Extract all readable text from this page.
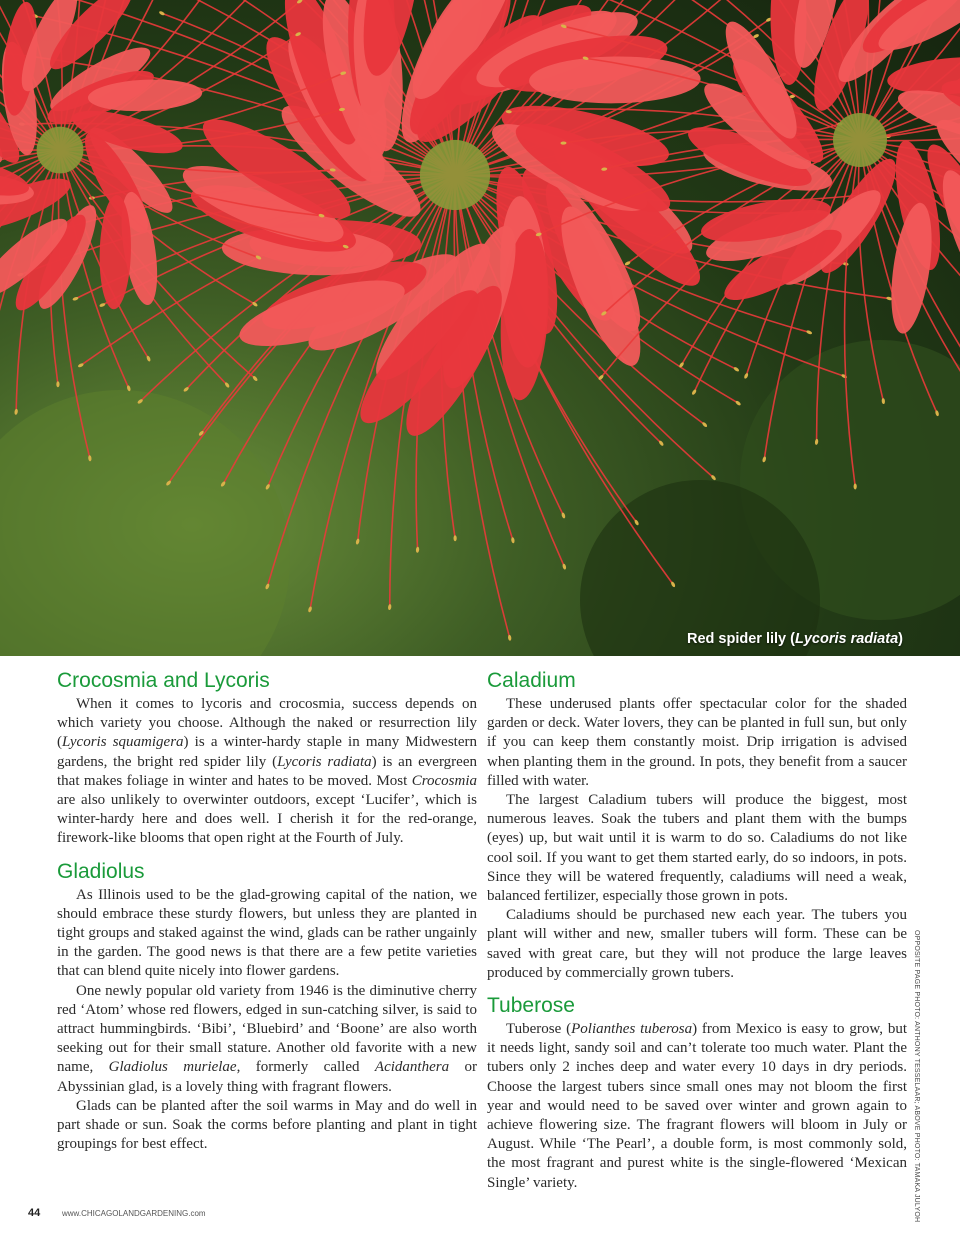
Red spider lily (Lycoris radiata)
Crocosmia and Lycoris

When it comes to lycoris and crocosmia, success depends on which variety you choose. Although the naked or resurrection lily (Lycoris squamigera) is a winter-hardy staple in many Midwestern gardens, the bright red spider lily (Lycoris radiata) is an evergreen that makes foliage in winter and hates to be moved. Most Crocosmia are also unlikely to overwinter outdoors, except ‘Lucifer’, which is winter-hardy here and does well. I cherish it for the red-orange, firework-like blooms that open right at the Fourth of July.

Gladiolus

As Illinois used to be the glad-growing capital of the nation, we should embrace these sturdy flowers, but unless they are planted in tight groups and staked against the wind, glads can be rather ungainly in the garden. The good news is that there are a few petite varieties that can blend quite nicely into flower gardens.

One newly popular old variety from 1946 is the diminutive cherry red ‘Atom’ whose red flowers, edged in sun-catching silver, is said to attract hummingbirds. ‘Bibi’, ‘Bluebird’ and ‘Boone’ are also worth seeking out for their small stature. Another old favorite with a new name, Gladiolus murielae, formerly called Acidanthera or Abyssinian glad, is a lovely thing with fragrant flowers.

Glads can be planted after the soil warms in May and do well in part shade or sun. Soak the corms before planting and plant in tight groupings for best effect.

Caladium

These underused plants offer spectacular color for the shaded garden or deck. Water lovers, they can be planted in full sun, but only if you can keep them constantly moist. Drip irrigation is advised when planting them in the ground. In pots, they benefit from a saucer filled with water.

The largest Caladium tubers will produce the biggest, most numerous leaves. Soak the tubers and plant them with the bumps (eyes) up, but wait until it is warm to do so. Caladiums do not like cool soil. If you want to get them started early, do so indoors, in pots. Since they will be watered frequently, caladiums will need a weak, balanced fertilizer, especially those grown in pots.

Caladiums should be purchased new each year. The tubers you plant will wither and new, smaller tubers will form. These can be saved with great care, but they will not produce the large leaves produced by commercially grown tubers.

Tuberose

Tuberose (Polianthes tuberosa) from Mexico is easy to grow, but it needs light, sandy soil and can’t tolerate too much water. Plant the tubers only 2 inches deep and water every 10 days in dry periods. Choose the largest tubers since small ones may not bloom the first year and would need to be saved over winter and grown again to achieve flowering size. The fragrant flowers will bloom in July or August. While ‘The Pearl’, a double form, is most commonly sold, the most fragrant and purest white is the single-flowered ‘Mexican Single’ variety.	OPPOSITE PAGE PHOTO: ANTHONY TESSELAAR; ABOVE PHOTO: TAMAKA JULYOH
44	www.CHICAGOLANDGARDENING.com
